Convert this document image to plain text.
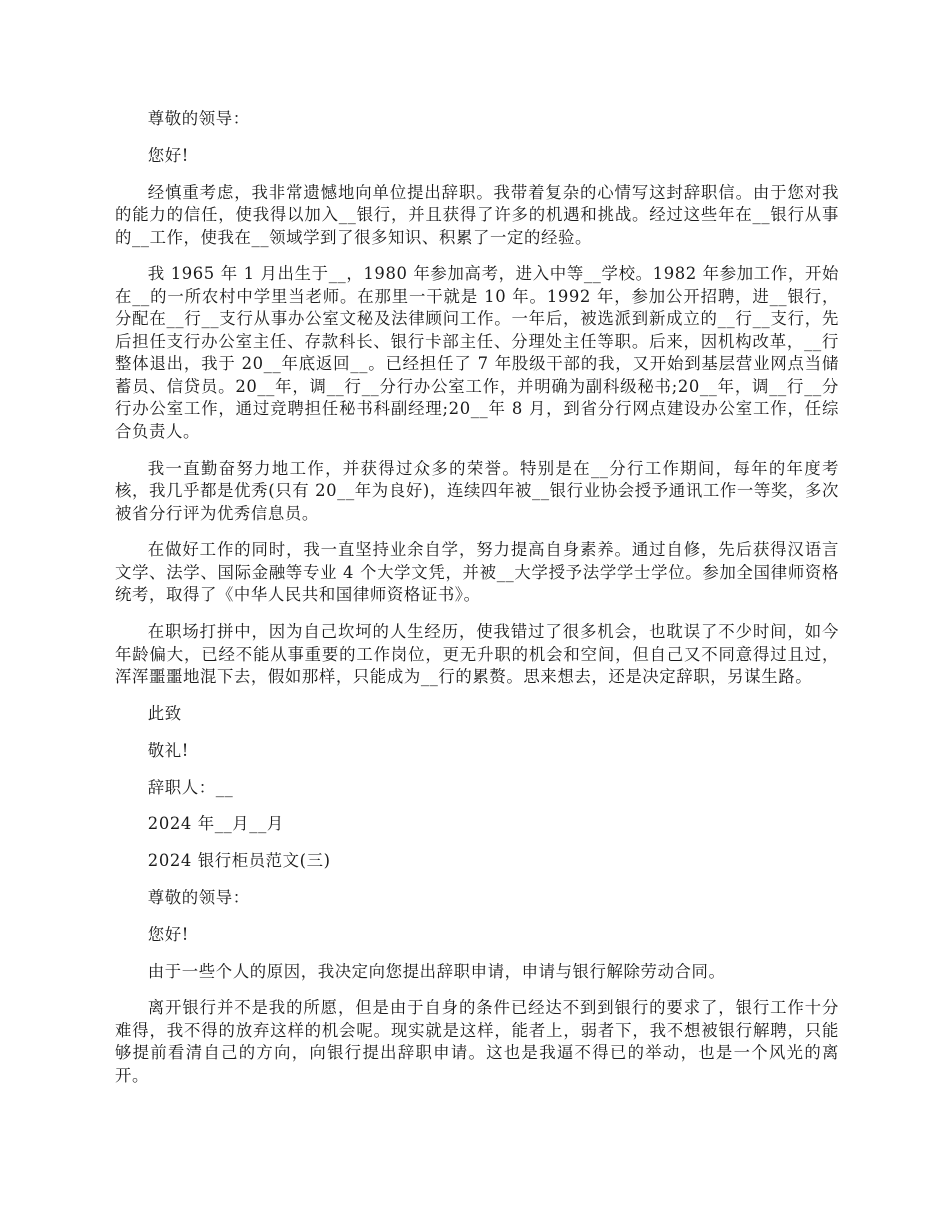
尊敬的领导：

您好!

经慎重考虑，我非常遗憾地向单位提出辞职。我带着复杂的心情写这封辞职信。由于您对我的能力的信任，使我得以加入__银行，并且获得了许多的机遇和挑战。经过这些年在__银行从事的__工作，使我在__领域学到了很多知识、积累了一定的经验。

我 1965 年 1 月出生于__，1980 年参加高考，进入中等__学校。1982 年参加工作，开始在__的一所农村中学里当老师。在那里一干就是 10 年。1992 年，参加公开招聘，进__银行，分配在__行__支行从事办公室文秘及法律顾问工作。一年后，被选派到新成立的__行__支行，先后担任支行办公室主任、存款科长、银行卡部主任、分理处主任等职。后来，因机构改革，__行整体退出，我于 20__年底返回__。已经担任了 7 年股级干部的我，又开始到基层营业网点当储蓄员、信贷员。20__年，调__行__分行办公室工作，并明确为副科级秘书;20__年，调__行__分行办公室工作，通过竞聘担任秘书科副经理;20__年 8 月，到省分行网点建设办公室工作，任综合负责人。

我一直勤奋努力地工作，并获得过众多的荣誉。特别是在__分行工作期间，每年的年度考核，我几乎都是优秀(只有 20__年为良好)，连续四年被__银行业协会授予通讯工作一等奖，多次被省分行评为优秀信息员。

在做好工作的同时，我一直坚持业余自学，努力提高自身素养。通过自修，先后获得汉语言文学、法学、国际金融等专业 4 个大学文凭，并被__大学授予法学学士学位。参加全国律师资格统考，取得了《中华人民共和国律师资格证书》。

在职场打拼中，因为自己坎坷的人生经历，使我错过了很多机会，也耽误了不少时间，如今年龄偏大，已经不能从事重要的工作岗位，更无升职的机会和空间，但自己又不同意得过且过，浑浑噩噩地混下去，假如那样，只能成为__行的累赘。思来想去，还是决定辞职，另谋生路。

此致

敬礼!

辞职人：__

2024 年__月__月

2024 银行柜员范文(三)

尊敬的领导：

您好!

由于一些个人的原因，我决定向您提出辞职申请，申请与银行解除劳动合同。

离开银行并不是我的所愿，但是由于自身的条件已经达不到到银行的要求了，银行工作十分难得，我不得的放弃这样的机会呢。现实就是这样，能者上，弱者下，我不想被银行解聘，只能够提前看清自己的方向，向银行提出辞职申请。这也是我逼不得已的举动，也是一个风光的离开。
